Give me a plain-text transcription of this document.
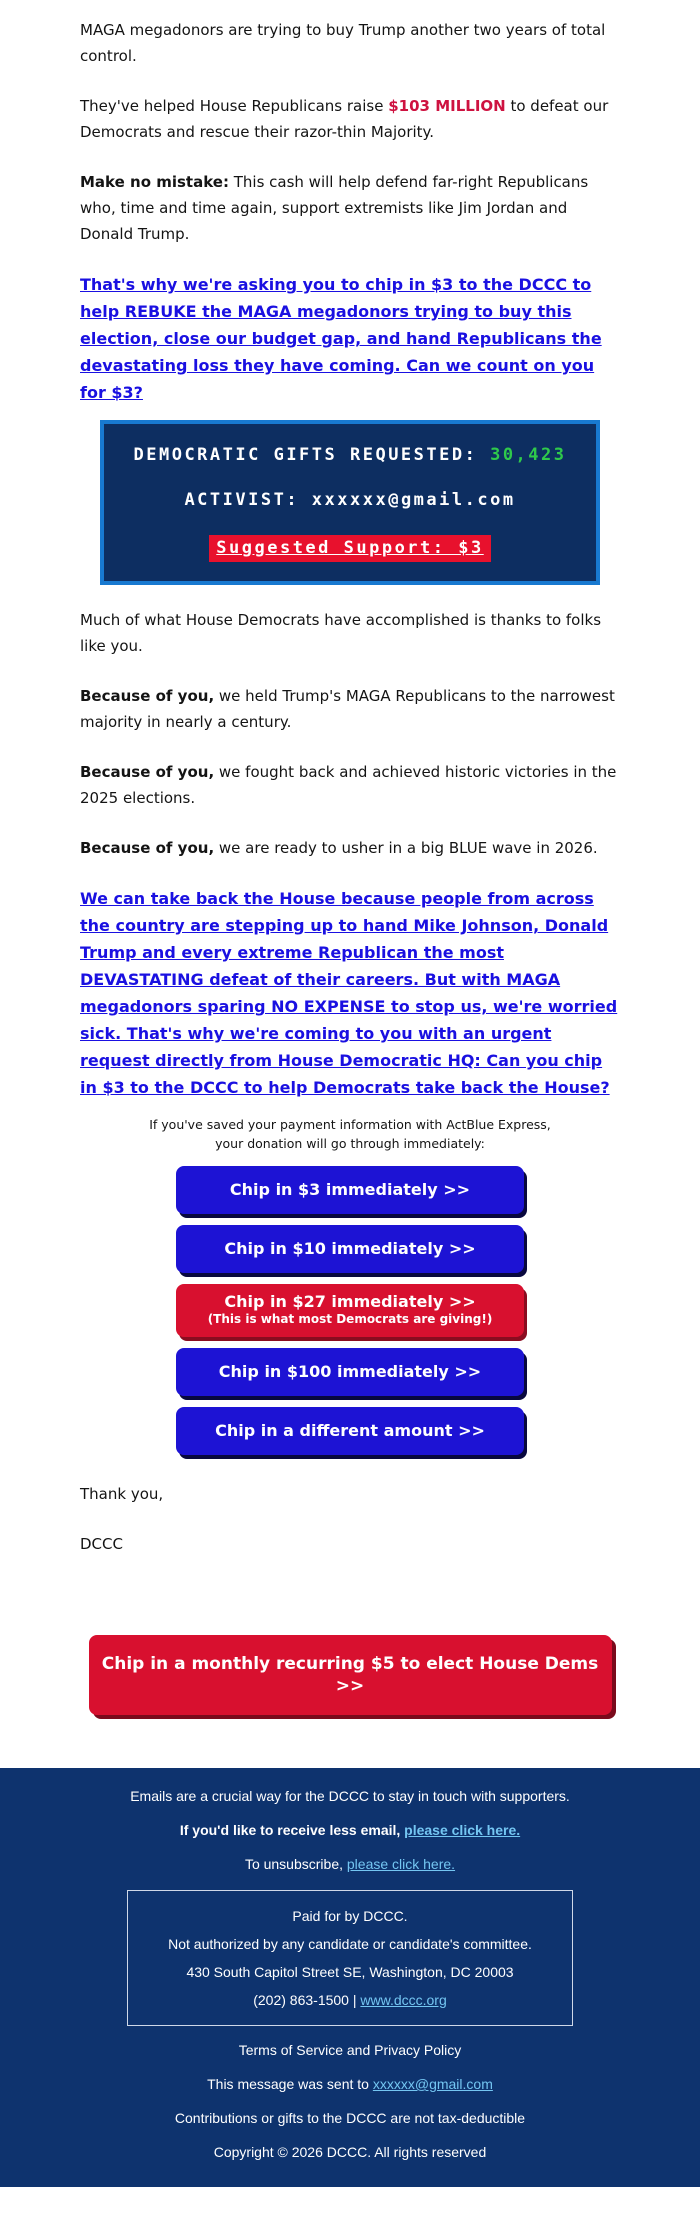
MAGA megadonors are trying to buy Trump another two years of total control.

They've helped House Republicans raise $103 MILLION to defeat our Democrats and rescue their razor-thin Majority.

Make no mistake: This cash will help defend far-right Republicans who, time and time again, support extremists like Jim Jordan and Donald Trump.

That's why we're asking you to chip in $3 to the DCCC to help REBUKE the MAGA megadonors trying to buy this election, close our budget gap, and hand Republicans the devastating loss they have coming. Can we count on you for $3?
DEMOCRATIC GIFTS REQUESTED: 30,423
ACTIVIST: xxxxxx@gmail.com
Suggested Support: $3

Much of what House Democrats have accomplished is thanks to folks like you.

Because of you, we held Trump's MAGA Republicans to the narrowest majority in nearly a century.

Because of you, we fought back and achieved historic victories in the 2025 elections.

Because of you, we are ready to usher in a big BLUE wave in 2026.

We can take back the House because people from across the country are stepping up to hand Mike Johnson, Donald Trump and every extreme Republican the most DEVASTATING defeat of their careers. But with MAGA megadonors sparing NO EXPENSE to stop us, we're worried sick. That's why we're coming to you with an urgent request directly from House Democratic HQ: Can you chip in $3 to the DCCC to help Democrats take back the House?
If you've saved your payment information with ActBlue Express,
your donation will go through immediately:
Chip in $3 immediately >>
Chip in $10 immediately >>
Chip in $27 immediately >>
(This is what most Democrats are giving!)
Chip in $100 immediately >>
Chip in a different amount >>

Thank you,

DCCC

Chip in a monthly recurring $5 to elect House Dems >>
Emails are a crucial way for the DCCC to stay in touch with supporters.
If you'd like to receive less email, please click here.
To unsubscribe, please click here.
Paid for by DCCC.
Not authorized by any candidate or candidate's committee.
430 South Capitol Street SE, Washington, DC 20003
(202) 863-1500 | www.dccc.org
Terms of Service and Privacy Policy
This message was sent to xxxxxx@gmail.com
Contributions or gifts to the DCCC are not tax-deductible
Copyright © 2026 DCCC. All rights reserved
